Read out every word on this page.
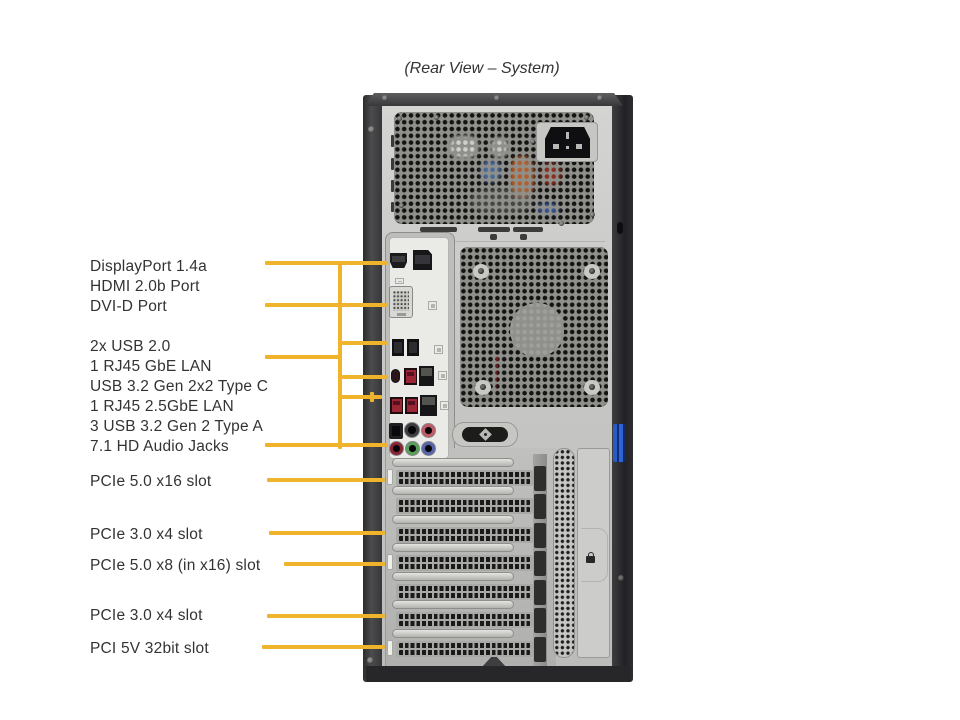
(Rear View – System)
DisplayPort 1.4a
HDMI 2.0b Port
DVI-D Port
2x USB 2.0
1 RJ45 GbE LAN
USB 3.2 Gen 2x2 Type C
1 RJ45 2.5GbE LAN
3 USB 3.2 Gen 2 Type A
7.1 HD Audio Jacks
PCIe 5.0 x16 slot
PCIe 3.0 x4 slot
PCIe 5.0 x8 (in x16) slot
PCIe 3.0 x4 slot
PCI 5V 32bit slot
